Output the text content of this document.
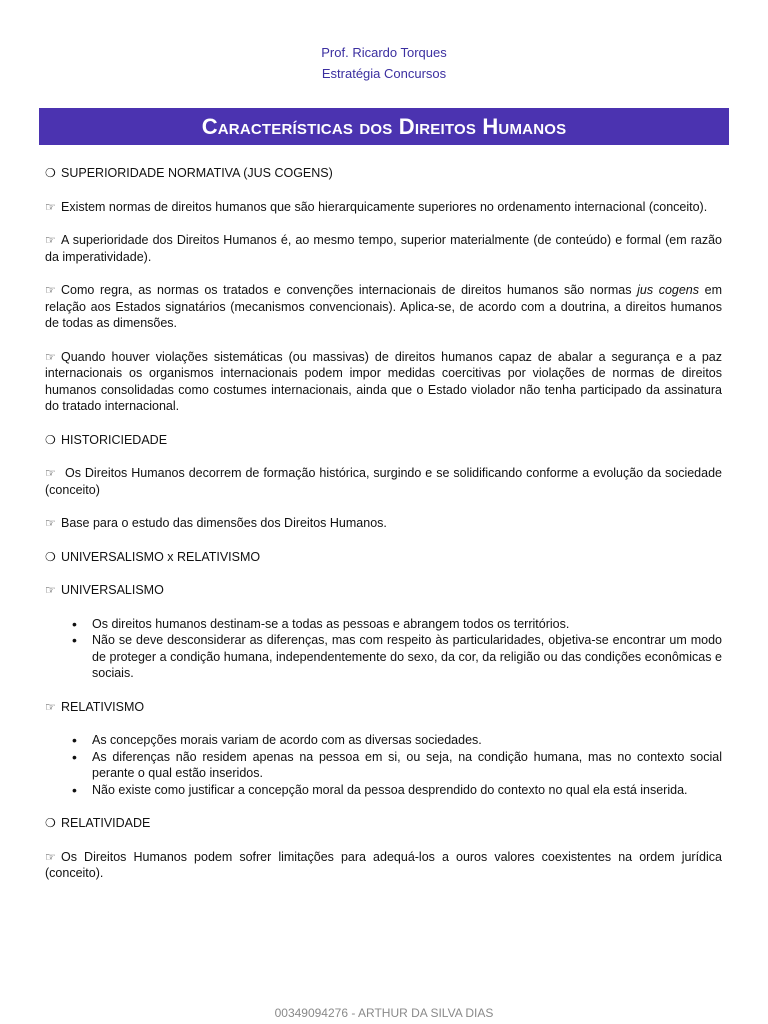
Prof. Ricardo Torques
Estratégia Concursos
Características dos Direitos Humanos
❍ SUPERIORIDADE NORMATIVA (JUS COGENS)

☞ Existem normas de direitos humanos que são hierarquicamente superiores no ordenamento internacional (conceito).

☞ A superioridade dos Direitos Humanos é, ao mesmo tempo, superior materialmente (de conteúdo) e formal (em razão da imperatividade).

☞ Como regra, as normas os tratados e convenções internacionais de direitos humanos são normas jus cogens em relação aos Estados signatários (mecanismos convencionais). Aplica-se, de acordo com a doutrina, a direitos humanos de todas as dimensões.

☞ Quando houver violações sistemáticas (ou massivas) de direitos humanos capaz de abalar a segurança e a paz internacionais os organismos internacionais podem impor medidas coercitivas por violações de normas de direitos humanos consolidadas como costumes internacionais, ainda que o Estado violador não tenha participado da assinatura do tratado internacional.

❍ HISTORICIEDADE

☞ Os Direitos Humanos decorrem de formação histórica, surgindo e se solidificando conforme a evolução da sociedade (conceito)

☞ Base para o estudo das dimensões dos Direitos Humanos.

❍ UNIVERSALISMO x RELATIVISMO
☞ UNIVERSALISMO
• Os direitos humanos destinam-se a todas as pessoas e abrangem todos os territórios.
• Não se deve desconsiderar as diferenças, mas com respeito às particularidades, objetiva-se encontrar um modo de proteger a condição humana, independentemente do sexo, da cor, da religião ou das condições econômicas e sociais.
☞ RELATIVISMO
• As concepções morais variam de acordo com as diversas sociedades.
• As diferenças não residem apenas na pessoa em si, ou seja, na condição humana, mas no contexto social perante o qual estão inseridos.
• Não existe como justificar a concepção moral da pessoa desprendido do contexto no qual ela está inserida.
❍ RELATIVIDADE

☞ Os Direitos Humanos podem sofrer limitações para adequá-los a ouros valores coexistentes na ordem jurídica (conceito).

00349094276 - ARTHUR DA SILVA DIAS
